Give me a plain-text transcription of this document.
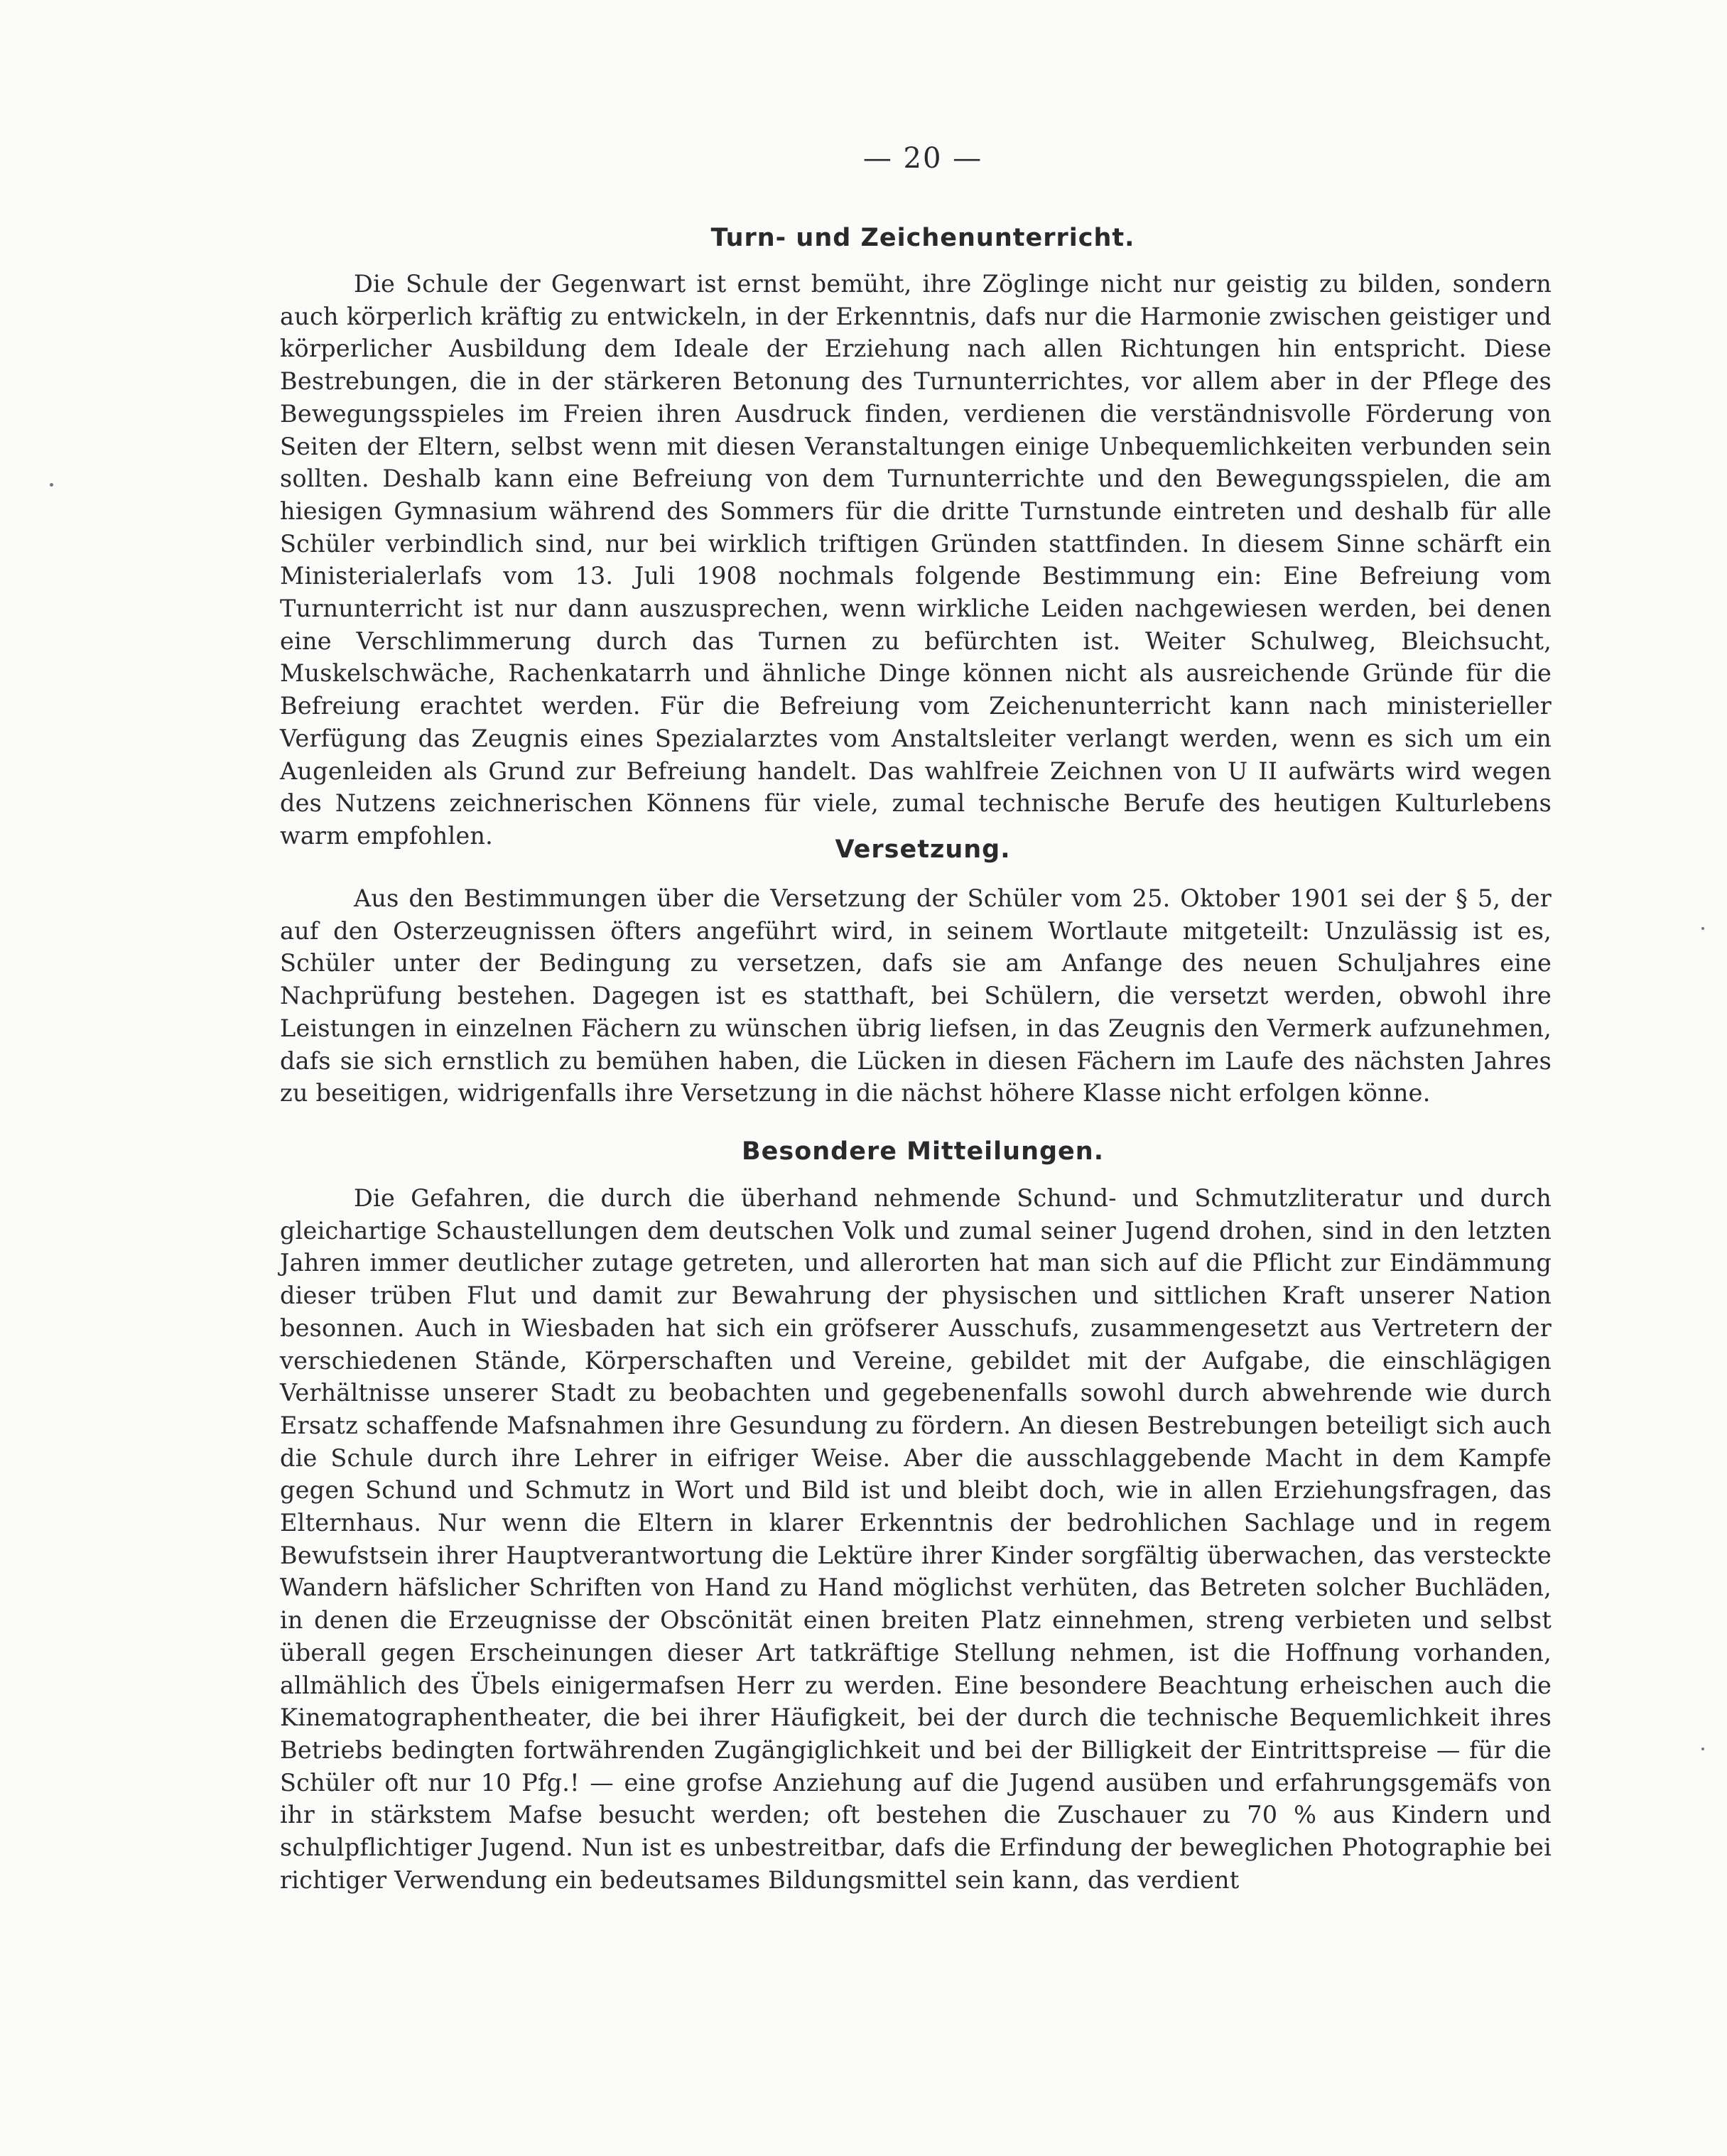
— 20 —
Turn- und Zeichenunterricht.

Die Schule der Gegenwart ist ernst bemüht, ihre Zöglinge nicht nur geistig zu bilden, sondern auch körperlich kräftig zu entwickeln, in der Erkenntnis, dafs nur die Harmonie zwischen geistiger und körperlicher Ausbildung dem Ideale der Erziehung nach allen Richtungen hin entspricht. Diese Bestrebungen, die in der stärkeren Betonung des Turnunterrichtes, vor allem aber in der Pflege des Bewegungsspieles im Freien ihren Ausdruck finden, verdienen die verständnisvolle Förderung von Seiten der Eltern, selbst wenn mit diesen Veranstaltungen einige Unbequemlichkeiten verbunden sein sollten. Deshalb kann eine Befreiung von dem Turnunterrichte und den Bewegungsspielen, die am hiesigen Gymnasium während des Sommers für die dritte Turnstunde eintreten und deshalb für alle Schüler verbindlich sind, nur bei wirklich triftigen Gründen stattfinden. In diesem Sinne schärft ein Ministerialerlafs vom 13. Juli 1908 nochmals folgende Bestimmung ein: Eine Befreiung vom Turnunterricht ist nur dann auszusprechen, wenn wirkliche Leiden nachgewiesen werden, bei denen eine Verschlimmerung durch das Turnen zu befürchten ist. Weiter Schulweg, Bleichsucht, Muskelschwäche, Rachenkatarrh und ähnliche Dinge können nicht als ausreichende Gründe für die Befreiung erachtet werden. Für die Befreiung vom Zeichenunterricht kann nach ministerieller Verfügung das Zeugnis eines Spezialarztes vom Anstaltsleiter verlangt werden, wenn es sich um ein Augenleiden als Grund zur Befreiung handelt. Das wahlfreie Zeichnen von U II aufwärts wird wegen des Nutzens zeichnerischen Könnens für viele, zumal technische Berufe des heutigen Kulturlebens warm empfohlen.	Versetzung.

Aus den Bestimmungen über die Versetzung der Schüler vom 25. Oktober 1901 sei der § 5, der auf den Osterzeugnissen öfters angeführt wird, in seinem Wortlaute mitgeteilt: Unzulässig ist es, Schüler unter der Bedingung zu versetzen, dafs sie am Anfange des neuen Schuljahres eine Nachprüfung bestehen. Dagegen ist es statthaft, bei Schülern, die versetzt werden, obwohl ihre Leistungen in einzelnen Fächern zu wünschen übrig liefsen, in das Zeugnis den Vermerk aufzunehmen, dafs sie sich ernstlich zu bemühen haben, die Lücken in diesen Fächern im Laufe des nächsten Jahres zu beseitigen, widrigenfalls ihre Versetzung in die nächst höhere Klasse nicht erfolgen könne.

Besondere Mitteilungen.

Die Gefahren, die durch die überhand nehmende Schund- und Schmutzliteratur und durch gleichartige Schaustellungen dem deutschen Volk und zumal seiner Jugend drohen, sind in den letzten Jahren immer deutlicher zutage getreten, und allerorten hat man sich auf die Pflicht zur Eindämmung dieser trüben Flut und damit zur Bewahrung der physischen und sittlichen Kraft unserer Nation besonnen. Auch in Wiesbaden hat sich ein gröfserer Ausschufs, zusammengesetzt aus Vertretern der verschiedenen Stände, Körperschaften und Vereine, gebildet mit der Aufgabe, die einschlägigen Verhältnisse unserer Stadt zu beobachten und gegebenenfalls sowohl durch abwehrende wie durch Ersatz schaffende Mafsnahmen ihre Gesundung zu fördern. An diesen Bestrebungen beteiligt sich auch die Schule durch ihre Lehrer in eifriger Weise. Aber die ausschlaggebende Macht in dem Kampfe gegen Schund und Schmutz in Wort und Bild ist und bleibt doch, wie in allen Erziehungsfragen, das Elternhaus. Nur wenn die Eltern in klarer Erkenntnis der bedrohlichen Sachlage und in regem Bewufstsein ihrer Hauptverantwortung die Lektüre ihrer Kinder sorgfältig überwachen, das versteckte Wandern häfslicher Schriften von Hand zu Hand möglichst verhüten, das Betreten solcher Buchläden, in denen die Erzeugnisse der Obscönität einen breiten Platz einnehmen, streng verbieten und selbst überall gegen Erscheinungen dieser Art tatkräftige Stellung nehmen, ist die Hoffnung vorhanden, allmählich des Übels einigermafsen Herr zu werden. Eine besondere Beachtung erheischen auch die Kinematographentheater, die bei ihrer Häufigkeit, bei der durch die technische Bequemlichkeit ihres Betriebs bedingten fortwährenden Zugängiglichkeit und bei der Billigkeit der Eintrittspreise — für die Schüler oft nur 10 Pfg.! — eine grofse Anziehung auf die Jugend ausüben und erfahrungsgemäfs von ihr in stärkstem Mafse besucht werden; oft bestehen die Zuschauer zu 70 % aus Kindern und schulpflichtiger Jugend. Nun ist es unbestreitbar, dafs die Erfindung der beweglichen Photographie bei richtiger Verwendung ein bedeutsames Bildungsmittel sein kann, das verdient
